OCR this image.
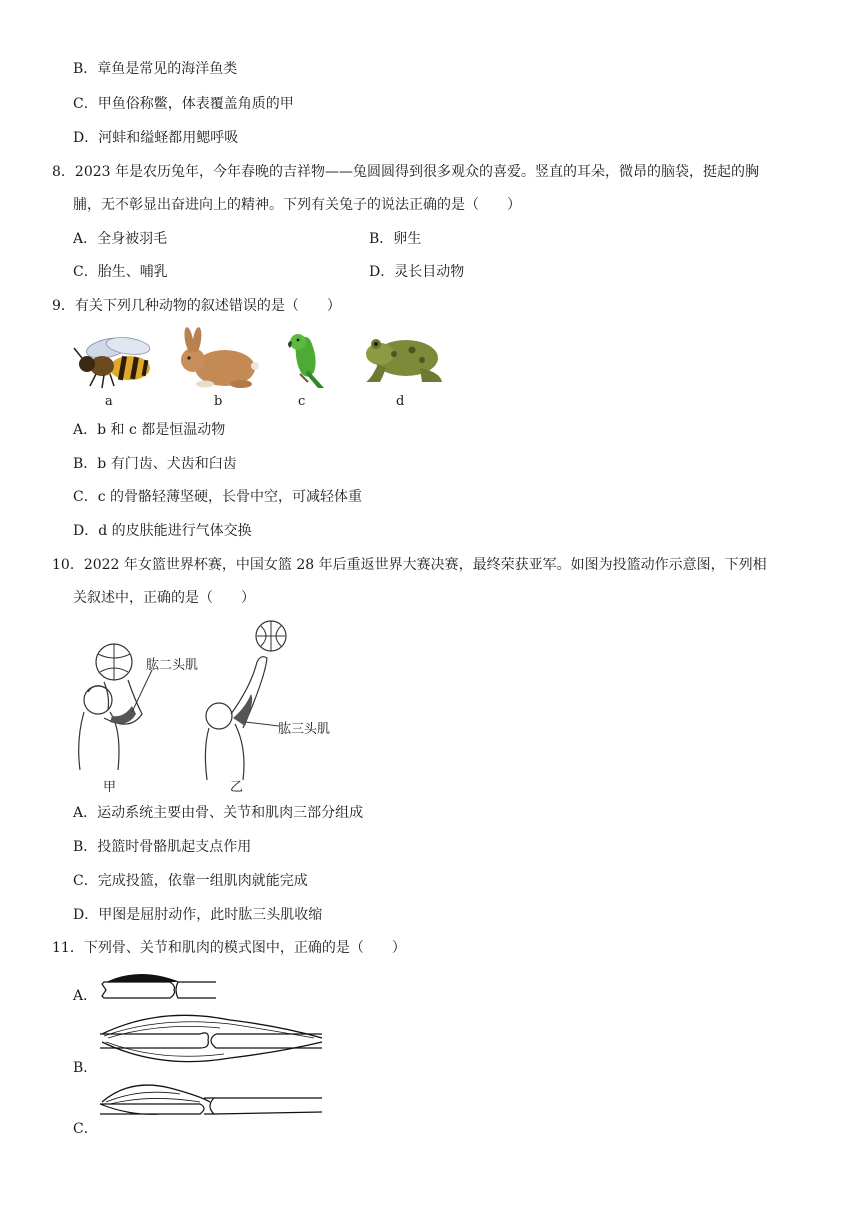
B．章鱼是常见的海洋鱼类
C．甲鱼俗称鳖，体表覆盖角质的甲
D．河蚌和缢蛏都用鳃呼吸
8．2023 年是农历兔年，今年春晚的吉祥物——兔圆圆得到很多观众的喜爱。竖直的耳朵，微昂的脑袋，挺起的胸
脯，无不彰显出奋进向上的精神。下列有关兔子的说法正确的是（　　）
A．全身被羽毛	B．卵生
C．胎生、哺乳	D．灵长目动物
9．有关下列几种动物的叙述错误的是（　　）
a	b	c	d
A．b 和 c 都是恒温动物
B．b 有门齿、犬齿和臼齿
C．c 的骨骼轻薄坚硬，长骨中空，可减轻体重
D．d 的皮肤能进行气体交换
10．2022 年女篮世界杯赛，中国女篮 28 年后重返世界大赛决赛，最终荣获亚军。如图为投篮动作示意图，下列相
关叙述中，正确的是（　　）
肱二头肌
甲
肱三头肌
乙
A．运动系统主要由骨、关节和肌肉三部分组成
B．投篮时骨骼肌起支点作用
C．完成投篮，依靠一组肌肉就能完成
D．甲图是屈肘动作，此时肱三头肌收缩
11．下列骨、关节和肌肉的模式图中，正确的是（　　）
A．
B．
C．
